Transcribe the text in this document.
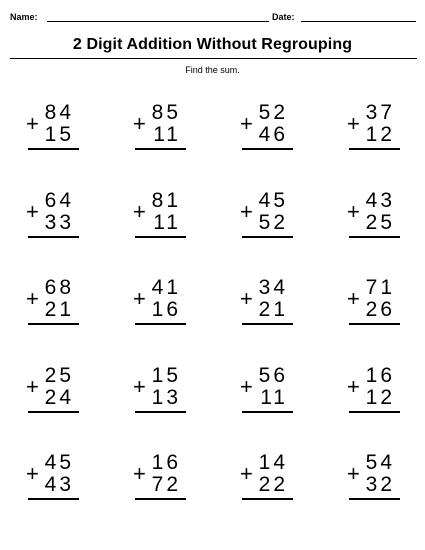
Name:	Date:
2 Digit Addition Without Regrouping
Find the sum.
84
+ 15
85
+ 11
52
+ 46
37
+ 12
64
+ 33
81
+ 11
45
+ 52
43
+ 25
68
+ 21
41
+ 16
34
+ 21
71
+ 26
25
+ 24
15
+ 13
56
+ 11
16
+ 12
45
+ 43
16
+ 72
14
+ 22
54
+ 32
